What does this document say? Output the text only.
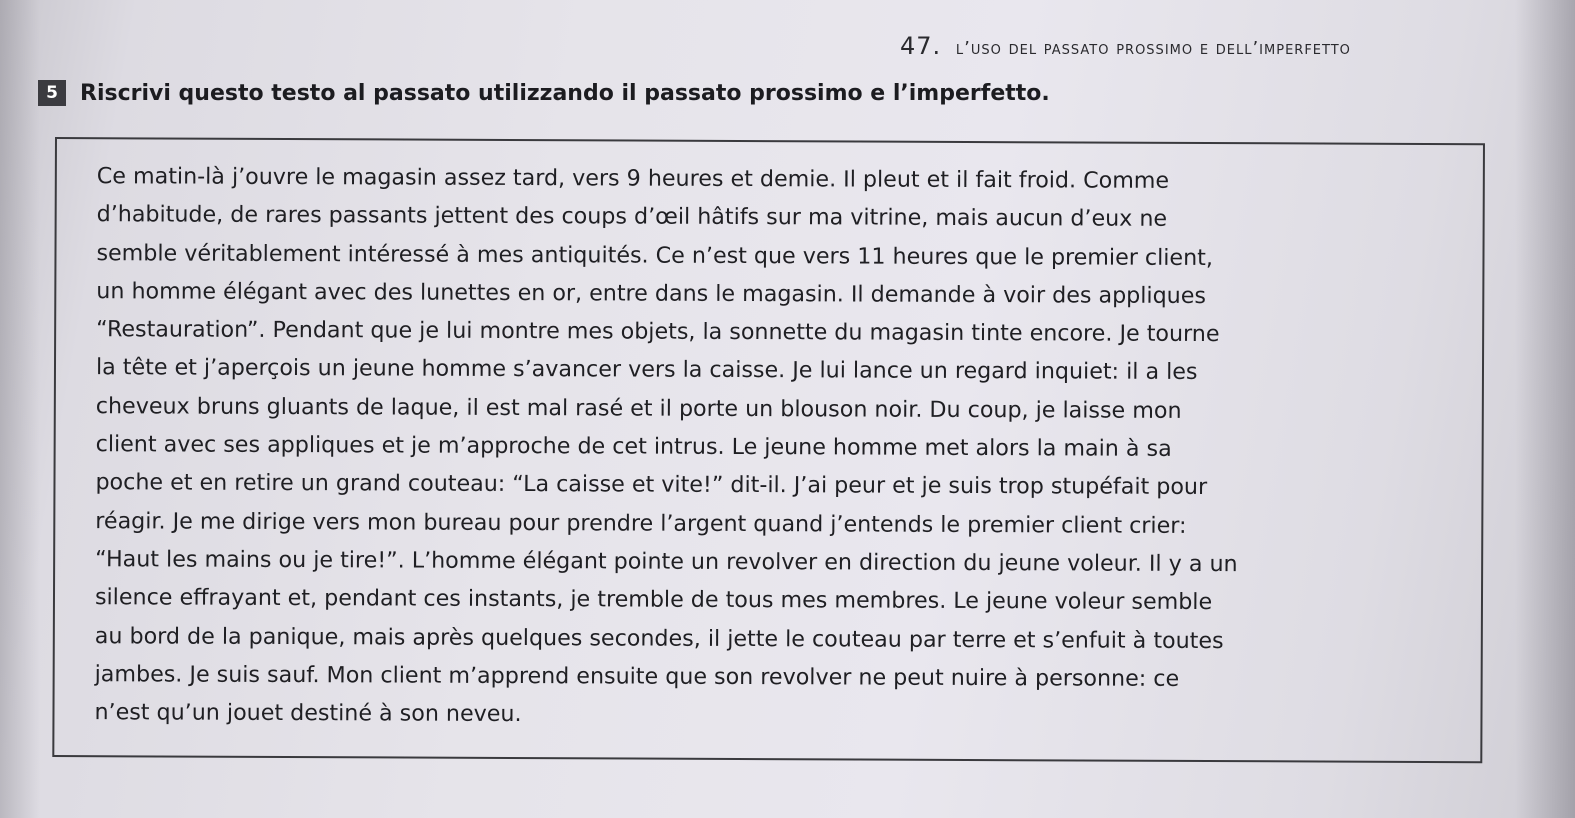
47. l’uso del passato prossimo e dell’imperfetto
5	Riscrivi questo testo al passato utilizzando il passato prossimo e l’imperfetto.

Ce matin-là j’ouvre le magasin assez tard, vers 9 heures et demie. Il pleut et il fait froid. Comme
d’habitude, de rares passants jettent des coups d’œil hâtifs sur ma vitrine, mais aucun d’eux ne
semble véritablement intéressé à mes antiquités. Ce n’est que vers 11 heures que le premier client,
un homme élégant avec des lunettes en or, entre dans le magasin. Il demande à voir des appliques
“Restauration”. Pendant que je lui montre mes objets, la sonnette du magasin tinte encore. Je tourne
la tête et j’aperçois un jeune homme s’avancer vers la caisse. Je lui lance un regard inquiet: il a les
cheveux bruns gluants de laque, il est mal rasé et il porte un blouson noir. Du coup, je laisse mon
client avec ses appliques et je m’approche de cet intrus. Le jeune homme met alors la main à sa
poche et en retire un grand couteau: “La caisse et vite!” dit-il. J’ai peur et je suis trop stupéfait pour
réagir. Je me dirige vers mon bureau pour prendre l’argent quand j’entends le premier client crier:
“Haut les mains ou je tire!”. L’homme élégant pointe un revolver en direction du jeune voleur. Il y a un
silence effrayant et, pendant ces instants, je tremble de tous mes membres. Le jeune voleur semble
au bord de la panique, mais après quelques secondes, il jette le couteau par terre et s’enfuit à toutes
jambes. Je suis sauf. Mon client m’apprend ensuite que son revolver ne peut nuire à personne: ce
n’est qu’un jouet destiné à son neveu.
